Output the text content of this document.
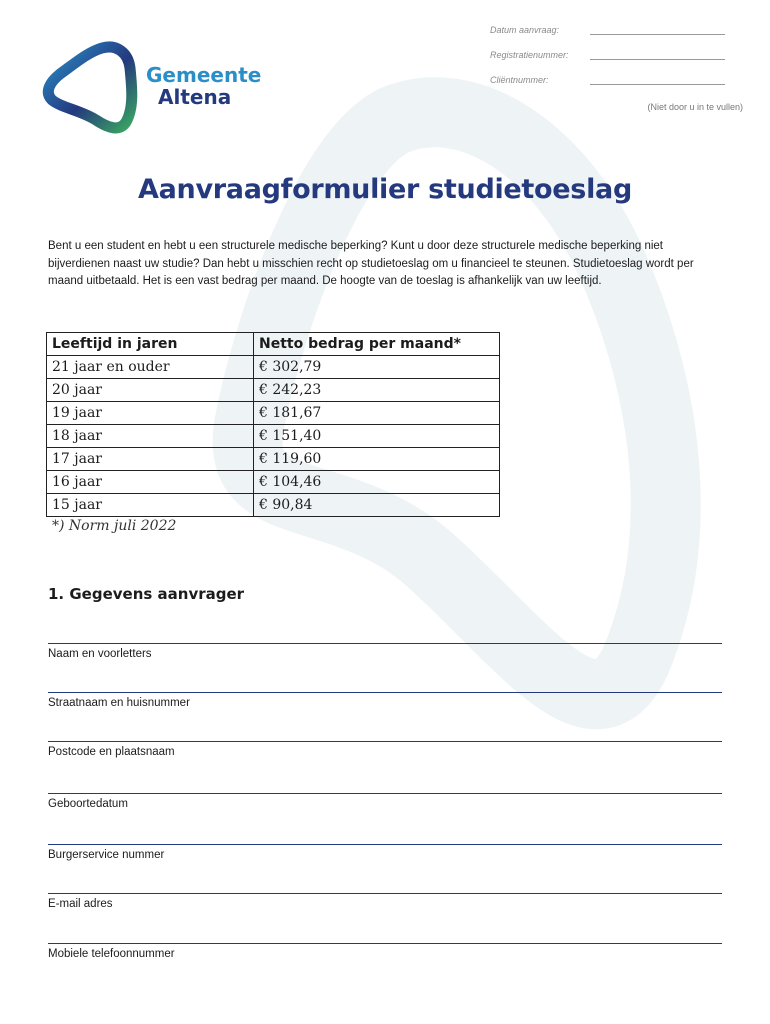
Gemeente
Altena
Datum aanvraag:
Registratienummer:
Cliëntnummer:
(Niet door u in te vullen)
Aanvraagformulier studietoeslag

Bent u een student en hebt u een structurele medische beperking? Kunt u door deze structurele medische beperking niet bijverdienen naast uw studie? Dan hebt u misschien recht op studietoeslag om u financieel te steunen. Studietoeslag wordt per maand uitbetaald. Het is een vast bedrag per maand. De hoogte van de toeslag is afhankelijk van uw leeftijd.

Leeftijd in jaren	Netto bedrag per maand*
21 jaar en ouder	€ 302,79
20 jaar	€ 242,23
19 jaar	€ 181,67
18 jaar	€ 151,40
17 jaar	€ 119,60
16 jaar	€ 104,46
15 jaar	€ 90,84
*) Norm juli 2022
1. Gegevens aanvrager
Naam en voorletters
Straatnaam en huisnummer
Postcode en plaatsnaam
Geboortedatum
Burgerservice nummer
E-mail adres
Mobiele telefoonnummer
